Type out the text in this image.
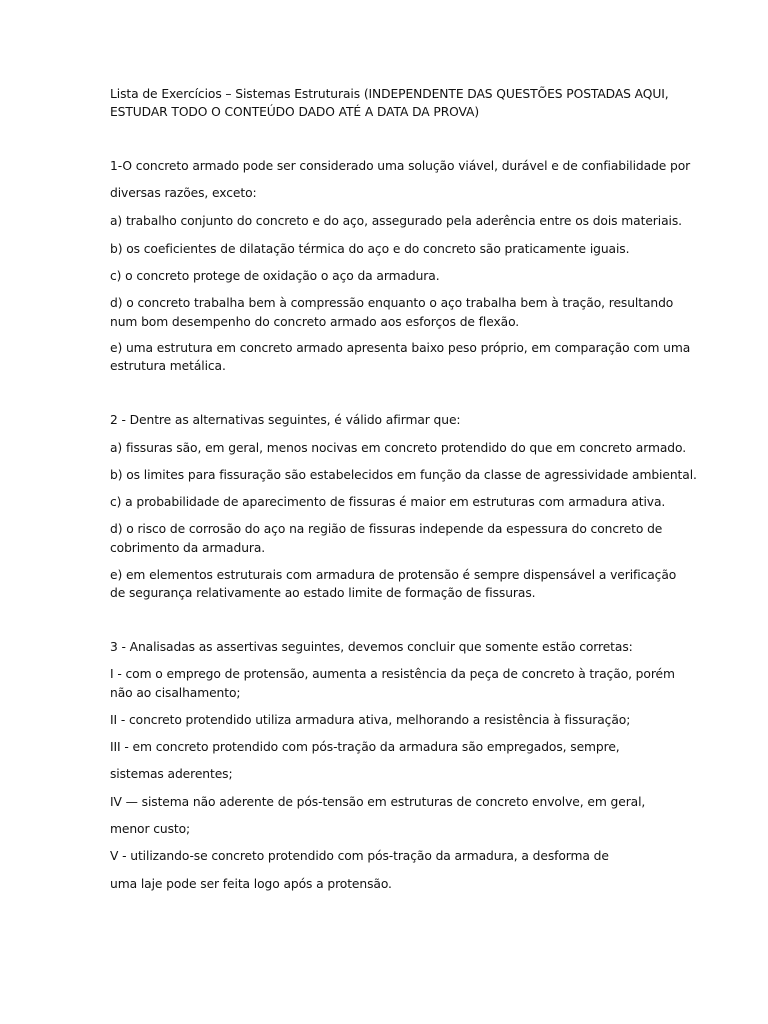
Lista de Exercícios – Sistemas Estruturais (INDEPENDENTE DAS QUESTÕES POSTADAS AQUI,
ESTUDAR TODO O CONTEÚDO DADO ATÉ A DATA DA PROVA)
1-O concreto armado pode ser considerado uma solução viável, durável e de confiabilidade por
diversas razões, exceto:
a) trabalho conjunto do concreto e do aço, assegurado pela aderência entre os dois materiais.
b) os coeficientes de dilatação térmica do aço e do concreto são praticamente iguais.
c) o concreto protege de oxidação o aço da armadura.
d) o concreto trabalha bem à compressão enquanto o aço trabalha bem à tração, resultando
num bom desempenho do concreto armado aos esforços de flexão.
e) uma estrutura em concreto armado apresenta baixo peso próprio, em comparação com uma
estrutura metálica.
2 - Dentre as alternativas seguintes, é válido afirmar que:
a) fissuras são, em geral, menos nocivas em concreto protendido do que em concreto armado.
b) os limites para fissuração são estabelecidos em função da classe de agressividade ambiental.
c) a probabilidade de aparecimento de fissuras é maior em estruturas com armadura ativa.
d) o risco de corrosão do aço na região de fissuras independe da espessura do concreto de
cobrimento da armadura.
e) em elementos estruturais com armadura de protensão é sempre dispensável a verificação
de segurança relativamente ao estado limite de formação de fissuras.
3 - Analisadas as assertivas seguintes, devemos concluir que somente estão corretas:
I - com o emprego de protensão, aumenta a resistência da peça de concreto à tração, porém
não ao cisalhamento;
II - concreto protendido utiliza armadura ativa, melhorando a resistência à fissuração;
III - em concreto protendido com pós-tração da armadura são empregados, sempre,
sistemas aderentes;
IV — sistema não aderente de pós-tensão em estruturas de concreto envolve, em geral,
menor custo;
V - utilizando-se concreto protendido com pós-tração da armadura, a desforma de
uma laje pode ser feita logo após a protensão.
